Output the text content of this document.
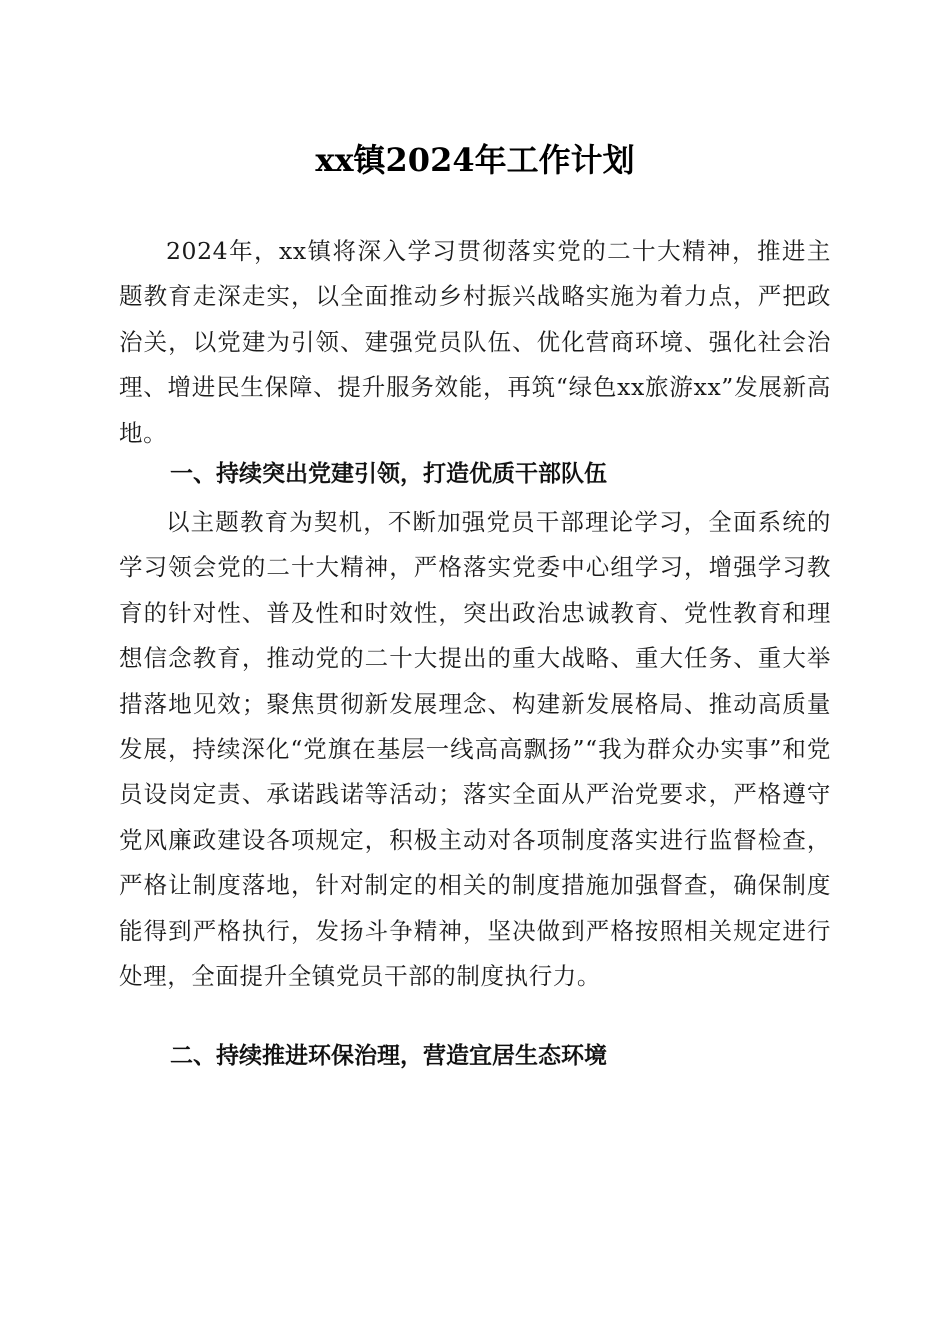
xx镇2024年工作计划

2024年，xx镇将深入学习贯彻落实党的二十大精神，推进主题教育走深走实，以全面推动乡村振兴战略实施为着力点，严把政治关，以党建为引领、建强党员队伍、优化营商环境、强化社会治理、增进民生保障、提升服务效能，再筑“绿色xx旅游xx”发展新高地。

一、持续突出党建引领，打造优质干部队伍

以主题教育为契机，不断加强党员干部理论学习，全面系统的学习领会党的二十大精神，严格落实党委中心组学习，增强学习教育的针对性、普及性和时效性，突出政治忠诚教育、党性教育和理想信念教育，推动党的二十大提出的重大战略、重大任务、重大举措落地见效；聚焦贯彻新发展理念、构建新发展格局、推动高质量发展，持续深化“党旗在基层一线高高飘扬”“我为群众办实事”和党员设岗定责、承诺践诺等活动；落实全面从严治党要求，严格遵守党风廉政建设各项规定，积极主动对各项制度落实进行监督检查，严格让制度落地，针对制定的相关的制度措施加强督查，确保制度能得到严格执行，发扬斗争精神，坚决做到严格按照相关规定进行处理，全面提升全镇党员干部的制度执行力。

二、持续推进环保治理，营造宜居生态环境
